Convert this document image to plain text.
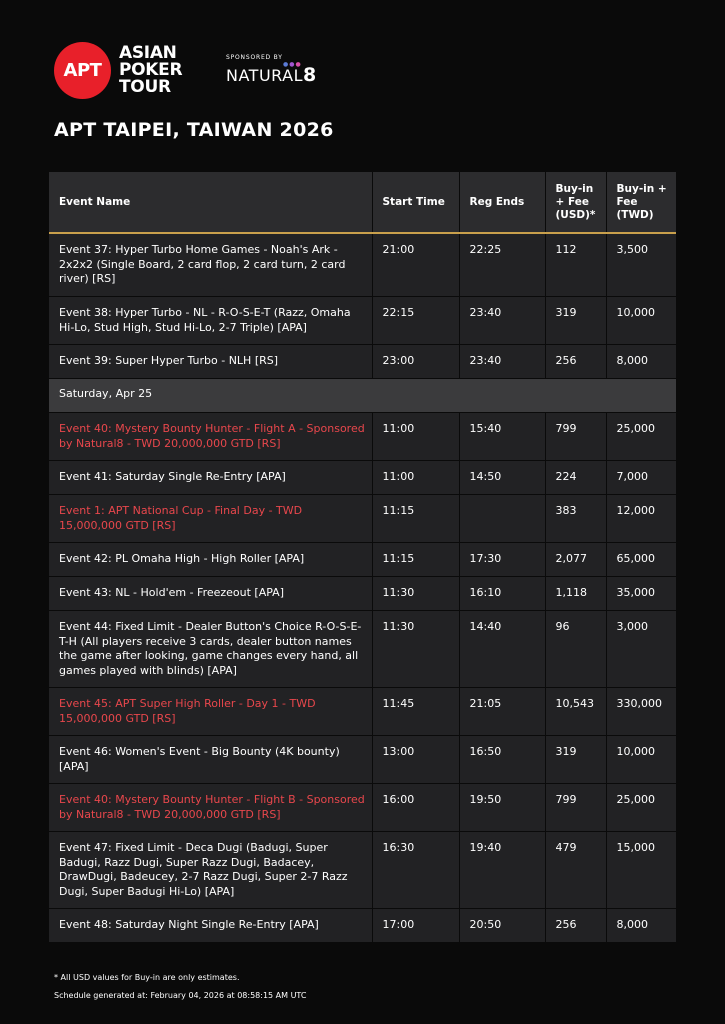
APT
ASIAN
POKER
TOUR
SPONSORED BY
●●●
NATURAL8
APT TAIPEI, TAIWAN 2026
Event Name	Start Time	Reg Ends	Buy-in + Fee (USD)*	Buy-in + Fee (TWD)
Event 37: Hyper Turbo Home Games - Noah's Ark - 2x2x2 (Single Board, 2 card flop, 2 card turn, 2 card river) [RS]	21:00	22:25	112	3,500
Event 38: Hyper Turbo - NL - R-O-S-E-T (Razz, Omaha Hi-Lo, Stud High, Stud Hi-Lo, 2-7 Triple) [APA]	22:15	23:40	319	10,000
Event 39: Super Hyper Turbo - NLH [RS]	23:00	23:40	256	8,000
Saturday, Apr 25				
Event 40: Mystery Bounty Hunter - Flight A - Sponsored by Natural8 - TWD 20,000,000 GTD [RS]	11:00	15:40	799	25,000
Event 41: Saturday Single Re-Entry [APA]	11:00	14:50	224	7,000
Event 1: APT National Cup - Final Day - TWD 15,000,000 GTD [RS]	11:15		383	12,000
Event 42: PL Omaha High - High Roller [APA]	11:15	17:30	2,077	65,000
Event 43: NL - Hold'em - Freezeout [APA]	11:30	16:10	1,118	35,000
Event 44: Fixed Limit - Dealer Button's Choice R-O-S-E-T-H (All players receive 3 cards, dealer button names the game after looking, game changes every hand, all games played with blinds) [APA]	11:30	14:40	96	3,000
Event 45: APT Super High Roller - Day 1 - TWD 15,000,000 GTD [RS]	11:45	21:05	10,543	330,000
Event 46: Women's Event - Big Bounty (4K bounty) [APA]	13:00	16:50	319	10,000
Event 40: Mystery Bounty Hunter - Flight B - Sponsored by Natural8 - TWD 20,000,000 GTD [RS]	16:00	19:50	799	25,000
Event 47: Fixed Limit - Deca Dugi (Badugi, Super Badugi, Razz Dugi, Super Razz Dugi, Badacey, DrawDugi, Badeucey, 2-7 Razz Dugi, Super 2-7 Razz Dugi, Super Badugi Hi-Lo) [APA]	16:30	19:40	479	15,000
Event 48: Saturday Night Single Re-Entry [APA]	17:00	20:50	256	8,000
* All USD values for Buy-in are only estimates.
Schedule generated at: February 04, 2026 at 08:58:15 AM UTC
